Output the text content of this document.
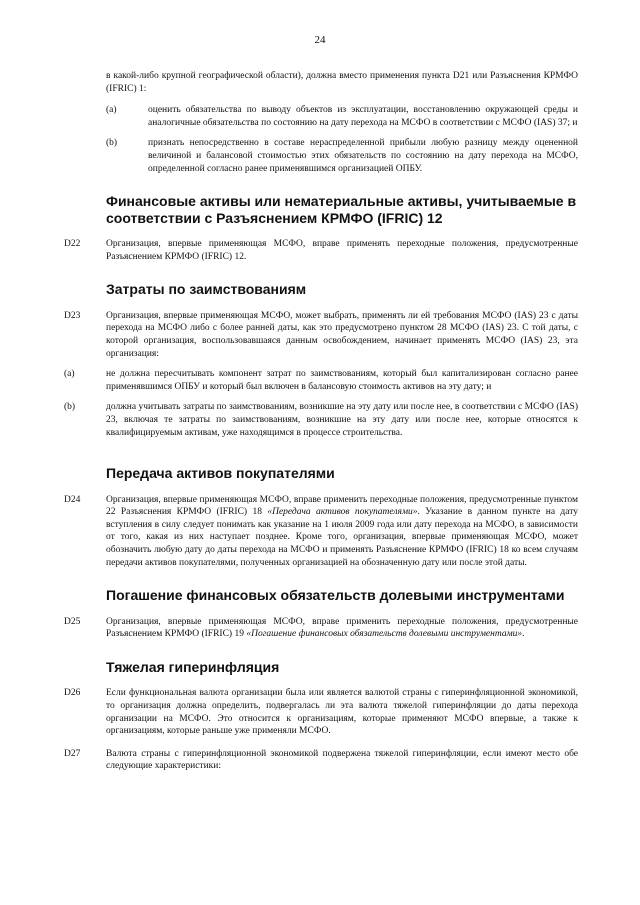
24

в какой-либо крупной географической области), должна вместо применения пункта D21 или Разъяснения КРМФО (IFRIC) 1:

(a)	оценить обязательства по выводу объектов из эксплуатации, восстановлению окружающей среды и аналогичные обязательства по состоянию на дату перехода на МСФО в соответствии с МСФО (IAS) 37; и
(b)	признать непосредственно в составе нераспределенной прибыли любую разницу между оцененной величиной и балансовой стоимостью этих обязательств по состоянию на дату перехода на МСФО, определенной согласно ранее применявшимся организацией ОПБУ.
Финансовые активы или нематериальные активы, учитываемые в соответствии с Разъяснением КРМФО (IFRIC) 12
D22	Организация, впервые применяющая МСФО, вправе применять переходные положения, предусмотренные Разъяснением КРМФО (IFRIC) 12.
Затраты по заимствованиям
D23	Организация, впервые применяющая МСФО, может выбрать, применять ли ей требования МСФО (IAS) 23 с даты перехода на МСФО либо с более ранней даты, как это предусмотрено пунктом 28 МСФО (IAS) 23. С той даты, с которой организация, воспользовавшаяся данным освобождением, начинает применять МСФО (IAS) 23, эта организация:

(a)	не должна пересчитывать компонент затрат по заимствованиям, который был капитализирован согласно ранее применявшимся ОПБУ и который был включен в балансовую стоимость активов на эту дату; и
(b)	должна учитывать затраты по заимствованиям, возникшие на эту дату или после нее, в соответствии с МСФО (IAS) 23, включая те затраты по заимствованиям, возникшие на эту дату или после нее, которые относятся к квалифицируемым активам, уже находящимся в процессе строительства.
Передача активов покупателями
D24	Организация, впервые применяющая МСФО, вправе применить переходные положения, предусмотренные пунктом 22 Разъяснения КРМФО (IFRIC) 18 «Передача активов покупателями». Указание в данном пункте на дату вступления в силу следует понимать как указание на 1 июля 2009 года или дату перехода на МСФО, в зависимости от того, какая из них наступает позднее. Кроме того, организация, впервые применяющая МСФО, может обозначить любую дату до даты перехода на МСФО и применять Разъяснение КРМФО (IFRIC) 18 ко всем случаям передачи активов покупателями, полученных организацией на обозначенную дату или после этой даты.

Погашение финансовых обязательств долевыми инструментами
D25	Организация, впервые применяющая МСФО, вправе применить переходные положения, предусмотренные Разъяснением КРМФО (IFRIC) 19 «Погашение финансовых обязательств долевыми инструментами».

Тяжелая гиперинфляция
D26	Если функциональная валюта организации была или является валютой страны с гиперинфляционной экономикой, то организация должна определить, подвергалась ли эта валюта тяжелой гиперинфляции до даты перехода организации на МСФО. Это относится к организациям, которые применяют МСФО впервые, а также к организациям, которые раньше уже применяли МСФО.
D27	Валюта страны с гиперинфляционной экономикой подвержена тяжелой гиперинфляции, если имеют место обе следующие характеристики:
